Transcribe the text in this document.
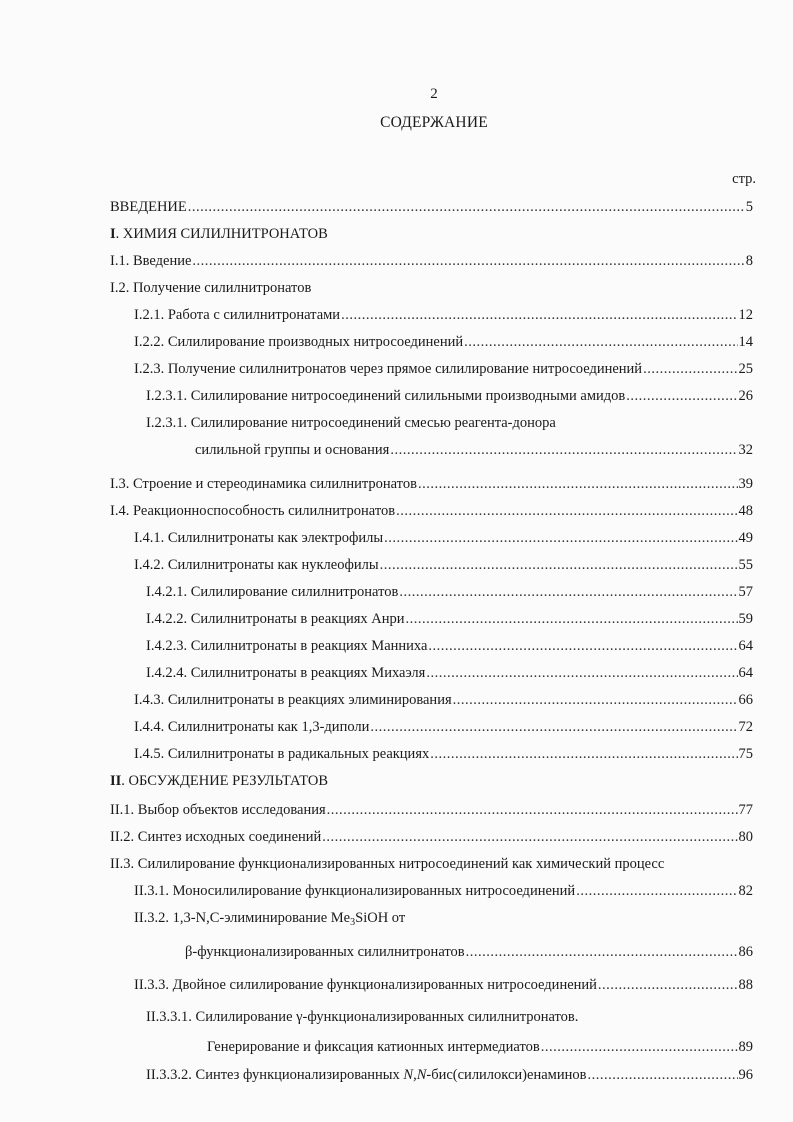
2
СОДЕРЖАНИЕ
стр.
ВВЕДЕНИЕ .....	5
I. ХИМИЯ СИЛИЛНИТРОНАТОВ
I.1. Введение .....	8
I.2. Получение силилнитронатов
I.2.1. Работа с силилнитронатами .....	12
I.2.2. Силилирование производных нитросоединений .....	14
I.2.3. Получение силилнитронатов через прямое силилирование нитросоединений .....	25
I.2.3.1. Силилирование нитросоединений силильными производными амидов .....	26
I.2.3.1. Силилирование нитросоединений смесью реагента-донора
силильной группы и основания .....	32
I.3. Строение и стереодинамика силилнитронатов .....	39
I.4. Реакционноспособность силилнитронатов .....	48
I.4.1. Силилнитронаты как электрофилы .....	49
I.4.2. Силилнитронаты как нуклеофилы .....	55
I.4.2.1. Силилирование силилнитронатов .....	57
I.4.2.2. Силилнитронаты в реакциях Анри .....	59
I.4.2.3. Силилнитронаты в реакциях Манниха .....	64
I.4.2.4. Силилнитронаты в реакциях Михаэля .....	64
I.4.3. Силилнитронаты в реакциях элиминирования .....	66
I.4.4. Силилнитронаты как 1,3-диполи .....	72
I.4.5. Силилнитронаты в радикальных реакциях .....	75
II. ОБСУЖДЕНИЕ РЕЗУЛЬТАТОВ
II.1. Выбор объектов исследования .....	77
II.2. Синтез исходных соединений .....	80
II.3. Силилирование функционализированных нитросоединений как химический процесс
II.3.1. Моносилилирование функционализированных нитросоединений .....	82
II.3.2. 1,3-N,C-элиминирование $Me_3SiOH$ от
β-функционализированных силилнитронатов .....	86
II.3.3. Двойное силилирование функционализированных нитросоединений .....	88
II.3.3.1. Силилирование γ-функционализированных силилнитронатов.
Генерирование и фиксация катионных интермедиатов .....	89
II.3.3.2. Синтез функционализированных N,N-бис(силилокси)енаминов .....	96
